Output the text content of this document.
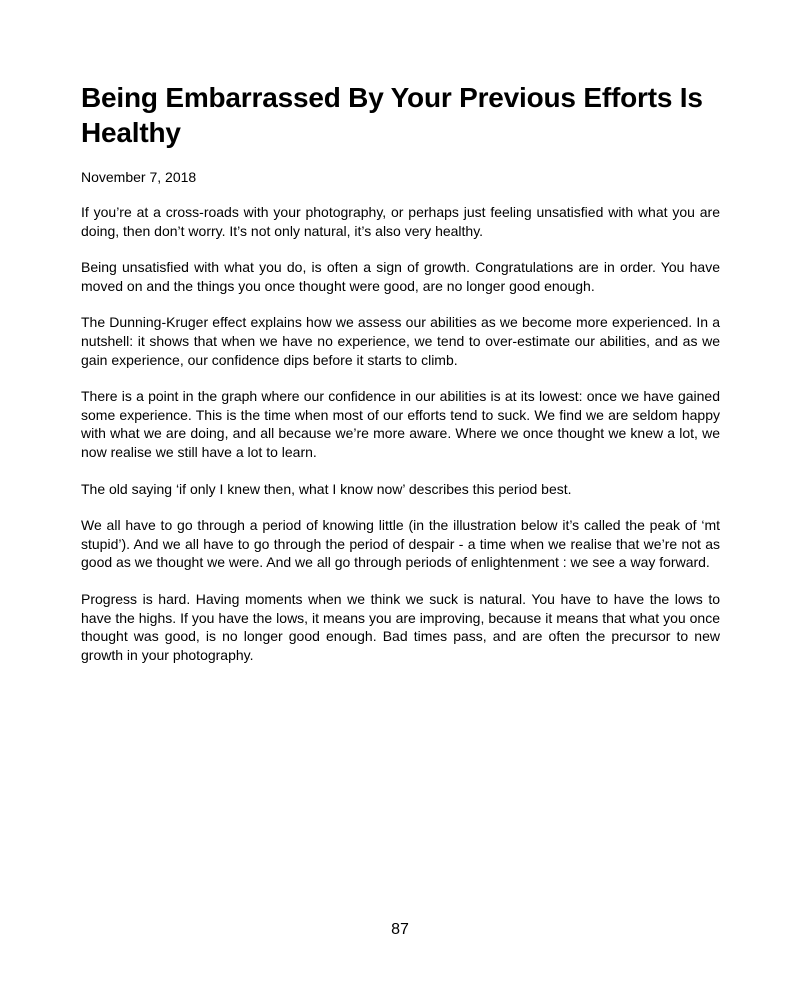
Being Embarrassed By Your Previous Efforts Is Healthy

November 7, 2018

If you’re at a cross-roads with your photography, or perhaps just feeling unsatisfied with what you are doing, then don’t worry. It’s not only natural, it’s also very healthy.

Being unsatisfied with what you do, is often a sign of growth. Congratulations are in order. You have moved on and the things you once thought were good, are no longer good enough.

The Dunning-Kruger effect explains how we assess our abilities as we become more experienced. In a nutshell: it shows that when we have no experience, we tend to over-estimate our abilities, and as we gain experience, our confidence dips before it starts to climb.

There is a point in the graph where our confidence in our abilities is at its lowest: once we have gained some experience. This is the time when most of our efforts tend to suck. We find we are seldom happy with what we are doing, and all because we’re more aware. Where we once thought we knew a lot, we now realise we still have a lot to learn.

The old saying ‘if only I knew then, what I know now’ describes this period best.

We all have to go through a period of knowing little (in the illustration below it’s called the peak of ‘mt stupid’). And we all have to go through the period of despair - a time when we realise that we’re not as good as we thought we were. And we all go through periods of enlightenment : we see a way forward.

Progress is hard. Having moments when we think we suck is natural. You have to have the lows to have the highs. If you have the lows, it means you are improving, because it means that what you once thought was good, is no longer good enough. Bad times pass, and are often the precursor to new growth in your photography.

87
